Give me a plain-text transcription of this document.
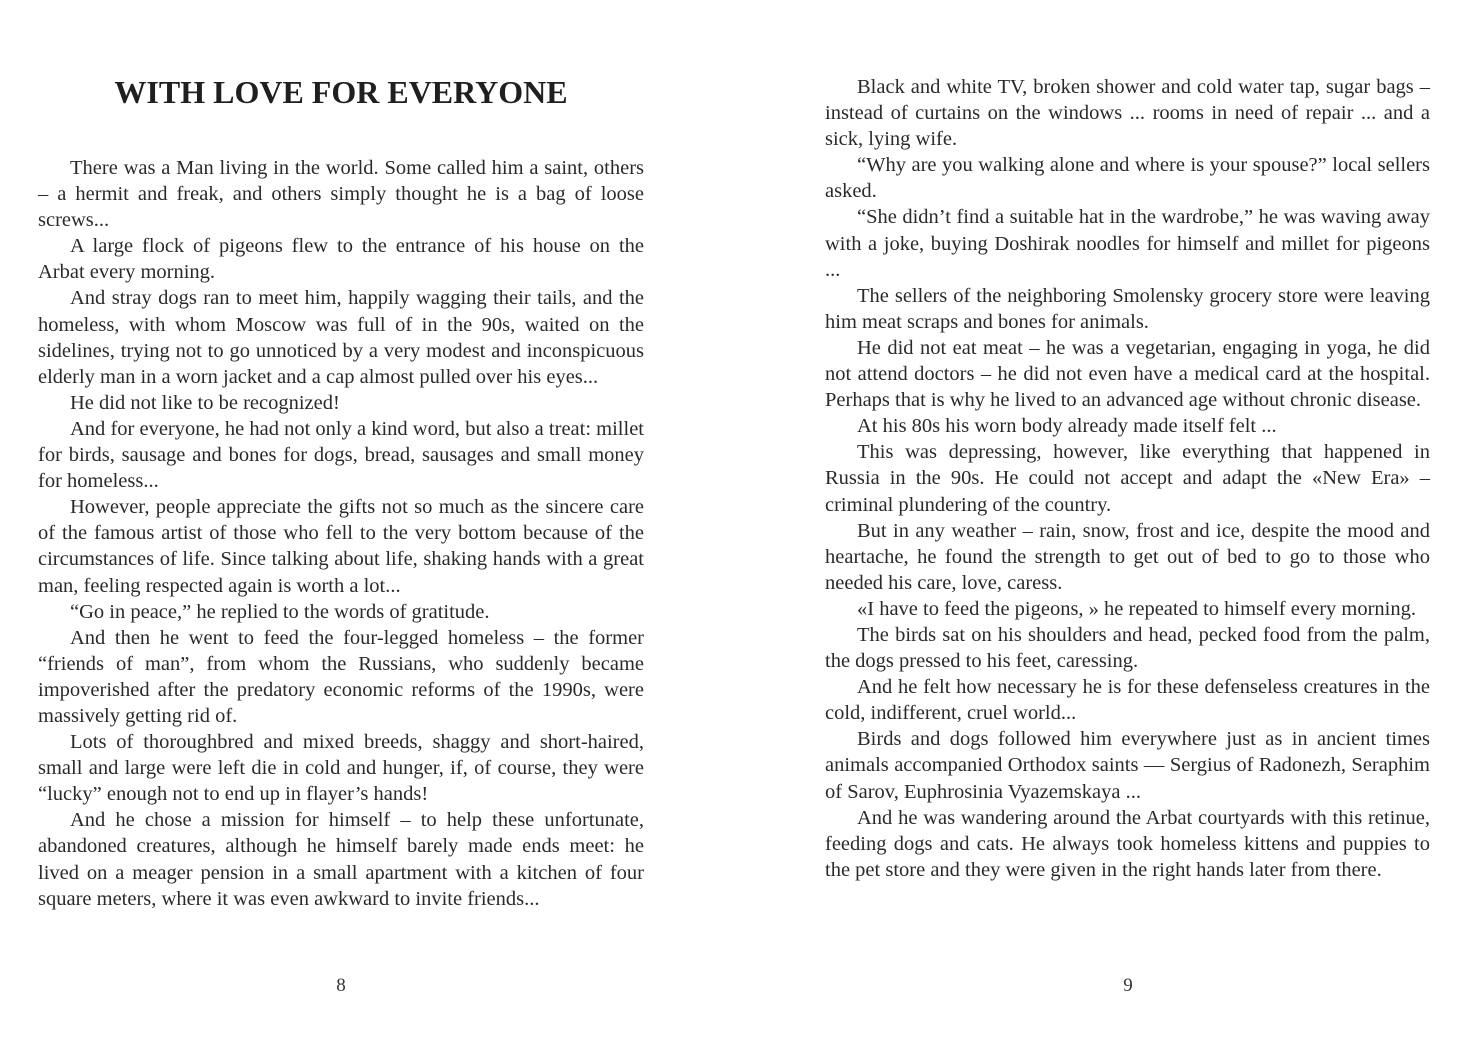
WITH LOVE FOR EVERYONE

There was a Man living in the world. Some called him a saint, others – a hermit and freak, and others simply thought he is a bag of loose screws...

A large flock of pigeons flew to the entrance of his house on the Arbat every morning.

And stray dogs ran to meet him, happily wagging their tails, and the homeless, with whom Moscow was full of in the 90s, waited on the sidelines, trying not to go unnoticed by a very modest and inconspicuous elderly man in a worn jacket and a cap almost pulled over his eyes...

He did not like to be recognized!

And for everyone, he had not only a kind word, but also a treat: millet for birds, sausage and bones for dogs, bread, sausages and small money for homeless...

However, people appreciate the gifts not so much as the sincere care of the famous artist of those who fell to the very bottom because of the circumstances of life. Since talking about life, shaking hands with a great man, feeling respected again is worth a lot...

“Go in peace,” he replied to the words of gratitude.

And then he went to feed the four-legged homeless – the former “friends of man”, from whom the Russians, who suddenly became impoverished after the predatory economic reforms of the 1990s, were massively getting rid of.

Lots of thoroughbred and mixed breeds, shaggy and short-haired, small and large were left die in cold and hunger, if, of course, they were “lucky” enough not to end up in flayer’s hands!

And he chose a mission for himself – to help these unfortunate, abandoned creatures, although he himself barely made ends meet: he lived on a meager pension in a small apartment with a kitchen of four square meters, where it was even awkward to invite friends...

8

Black and white TV, broken shower and cold water tap, sugar bags – instead of curtains on the windows ... rooms in need of repair ... and a sick, lying wife.

“Why are you walking alone and where is your spouse?” local sellers asked.

“She didn’t find a suitable hat in the wardrobe,” he was waving away with a joke, buying Doshirak noodles for himself and millet for pigeons ...

The sellers of the neighboring Smolensky grocery store were leaving him meat scraps and bones for animals.

He did not eat meat – he was a vegetarian, engaging in yoga, he did not attend doctors – he did not even have a medical card at the hospital. Perhaps that is why he lived to an advanced age without chronic disease.

At his 80s his worn body already made itself felt ...

This was depressing, however, like everything that happened in Russia in the 90s. He could not accept and adapt the «New Era» – criminal plundering of the country.

But in any weather – rain, snow, frost and ice, despite the mood and heartache, he found the strength to get out of bed to go to those who needed his care, love, caress.

«I have to feed the pigeons, » he repeated to himself every morning.

The birds sat on his shoulders and head, pecked food from the palm, the dogs pressed to his feet, caressing.

And he felt how necessary he is for these defenseless creatures in the cold, indifferent, cruel world...

Birds and dogs followed him everywhere just as in ancient times animals accompanied Orthodox saints — Sergius of Radonezh, Seraphim of Sarov, Euphrosinia Vyazemskaya ...

And he was wandering around the Arbat courtyards with this retinue, feeding dogs and cats. He always took homeless kittens and puppies to the pet store and they were given in the right hands later from there.

9
